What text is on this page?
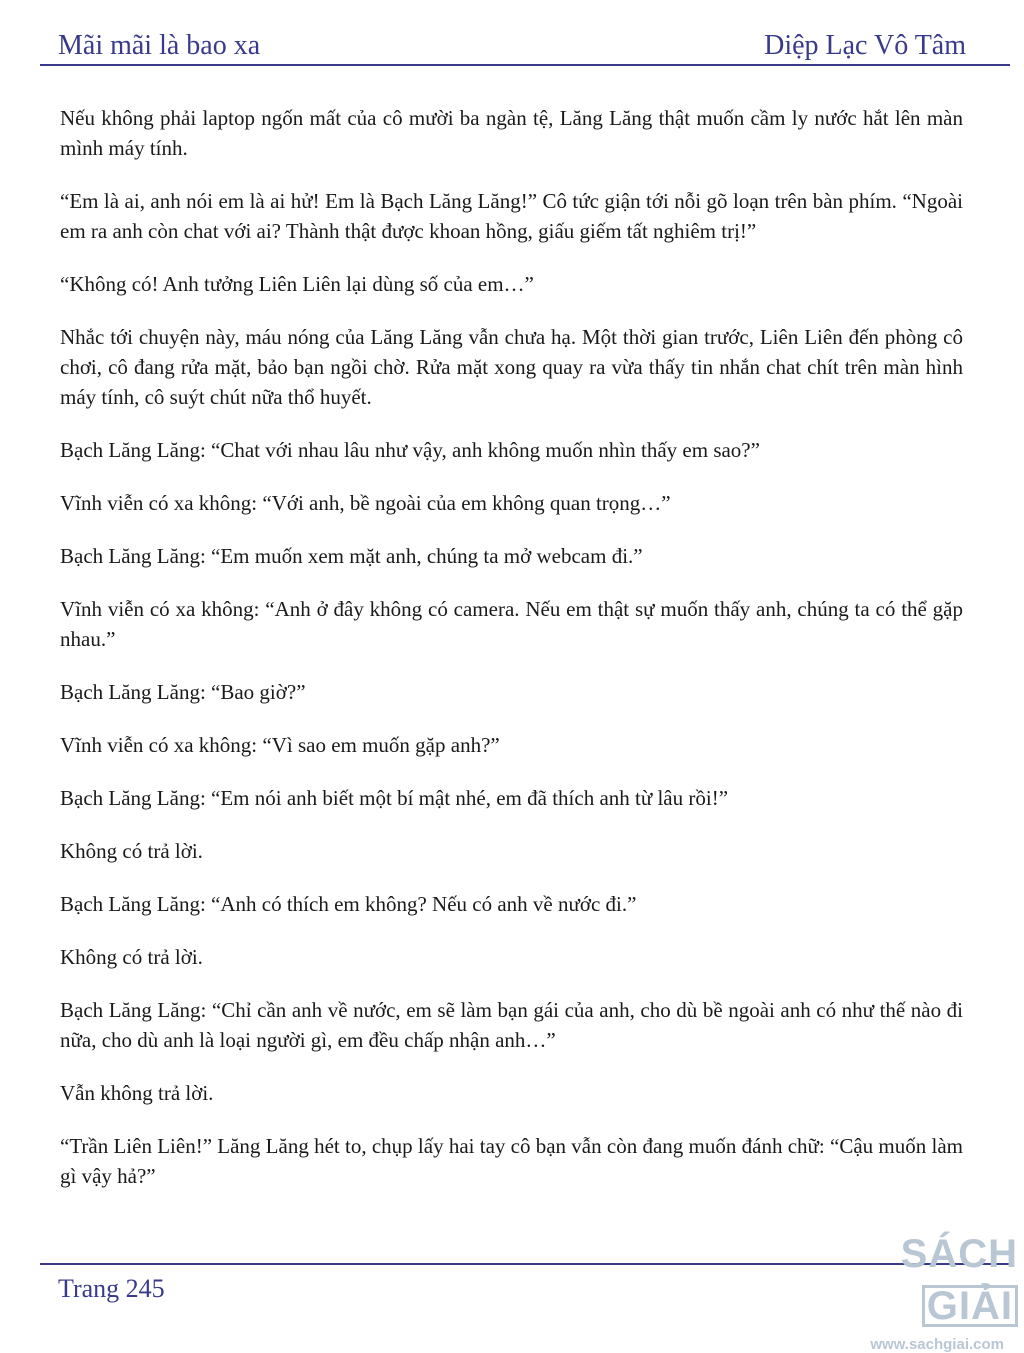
Mãi mãi là bao xa	Diệp Lạc Vô Tâm

Nếu không phải laptop ngốn mất của cô mười ba ngàn tệ, Lăng Lăng thật muốn cầm ly nước hắt lên màn mình máy tính.

“Em là ai, anh nói em là ai hử! Em là Bạch Lăng Lăng!” Cô tức giận tới nỗi gõ loạn trên bàn phím. “Ngoài em ra anh còn chat với ai? Thành thật được khoan hồng, giấu giếm tất nghiêm trị!”

“Không có! Anh tưởng Liên Liên lại dùng số của em…”

Nhắc tới chuyện này, máu nóng của Lăng Lăng vẫn chưa hạ. Một thời gian trước, Liên Liên đến phòng cô chơi, cô đang rửa mặt, bảo bạn ngồi chờ. Rửa mặt xong quay ra vừa thấy tin nhắn chat chít trên màn hình máy tính, cô suýt chút nữa thổ huyết.

Bạch Lăng Lăng: “Chat với nhau lâu như vậy, anh không muốn nhìn thấy em sao?”

Vĩnh viễn có xa không: “Với anh, bề ngoài của em không quan trọng…”

Bạch Lăng Lăng: “Em muốn xem mặt anh, chúng ta mở webcam đi.”

Vĩnh viễn có xa không: “Anh ở đây không có camera. Nếu em thật sự muốn thấy anh, chúng ta có thể gặp nhau.”

Bạch Lăng Lăng: “Bao giờ?”

Vĩnh viễn có xa không: “Vì sao em muốn gặp anh?”

Bạch Lăng Lăng: “Em nói anh biết một bí mật nhé, em đã thích anh từ lâu rồi!”

Không có trả lời.

Bạch Lăng Lăng: “Anh có thích em không? Nếu có anh về nước đi.”

Không có trả lời.

Bạch Lăng Lăng: “Chỉ cần anh về nước, em sẽ làm bạn gái của anh, cho dù bề ngoài anh có như thế nào đi nữa, cho dù anh là loại người gì, em đều chấp nhận anh…”

Vẫn không trả lời.

“Trần Liên Liên!” Lăng Lăng hét to, chụp lấy hai tay cô bạn vẫn còn đang muốn đánh chữ: “Cậu muốn làm gì vậy hả?”

Trang 245
SÁCHGIẢI
www.sachgiai.com
